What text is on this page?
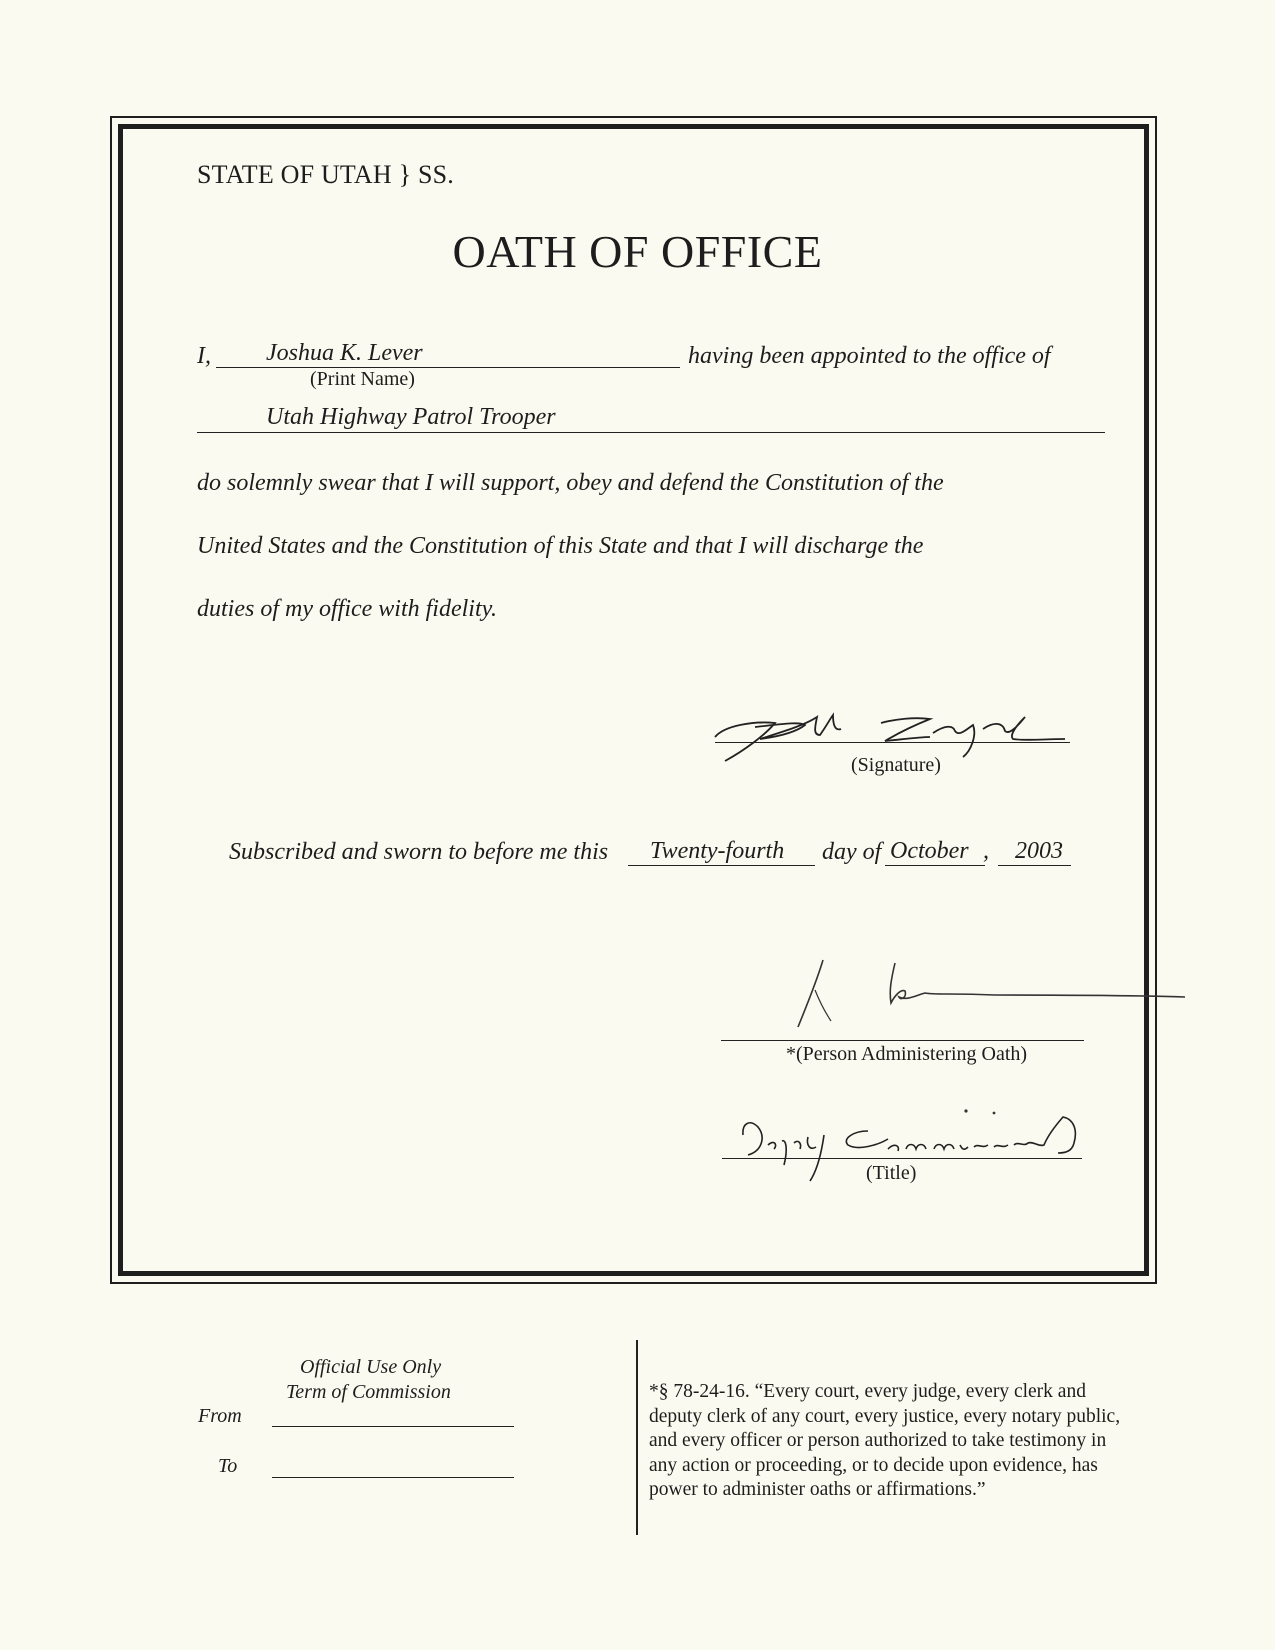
STATE OF UTAH } SS.
OATH OF OFFICE
I, Joshua K. Lever
(Print Name)
having been appointed to the office of
Utah Highway Patrol Trooper
do solemnly swear that I will support, obey and defend the Constitution of the
United States and the Constitution of this State and that I will discharge the
duties of my office with fidelity.
(Signature)
Subscribed and sworn to before me this Twenty-fourth day of October , 2003
*(Person Administering Oath)
(Title)
Official Use Only
Term of Commission
From
To
*§ 78-24-16. “Every court, every judge, every clerk and deputy clerk of any court, every justice, every notary public, and every officer or person authorized to take testimony in any action or proceeding, or to decide upon evidence, has power to administer oaths or affirmations.”
